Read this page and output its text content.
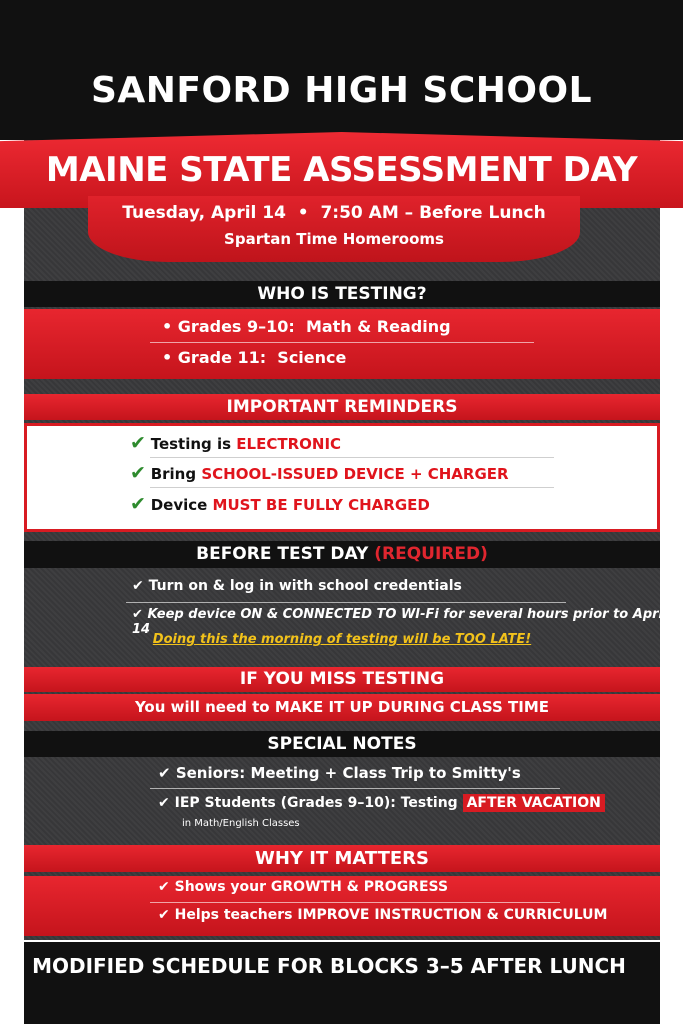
SANFORD HIGH SCHOOL
MAINE STATE ASSESSMENT DAY
Tuesday, April 14  •  7:50 AM – Before Lunch
Spartan Time Homerooms
WHO IS TESTING?
• Grades 9–10:  Math & Reading
• Grade 11:  Science
IMPORTANT REMINDERS
✔ Testing is ELECTRONIC
✔ Bring SCHOOL-ISSUED DEVICE + CHARGER
✔ Device MUST BE FULLY CHARGED
BEFORE TEST DAY (REQUIRED)
✔ Turn on & log in with school credentials
✔ Keep device ON & CONNECTED TO WI-Fi for several hours prior to April 14
Doing this the morning of testing will be TOO LATE!
IF YOU MISS TESTING
You will need to MAKE IT UP DURING CLASS TIME
SPECIAL NOTES
✔ Seniors: Meeting + Class Trip to Smitty's
✔ IEP Students (Grades 9–10): Testing AFTER VACATION
in Math/English Classes
WHY IT MATTERS
✔ Shows your GROWTH & PROGRESS
✔ Helps teachers IMPROVE INSTRUCTION & CURRICULUM
MODIFIED SCHEDULE FOR BLOCKS 3–5 AFTER LUNCH
